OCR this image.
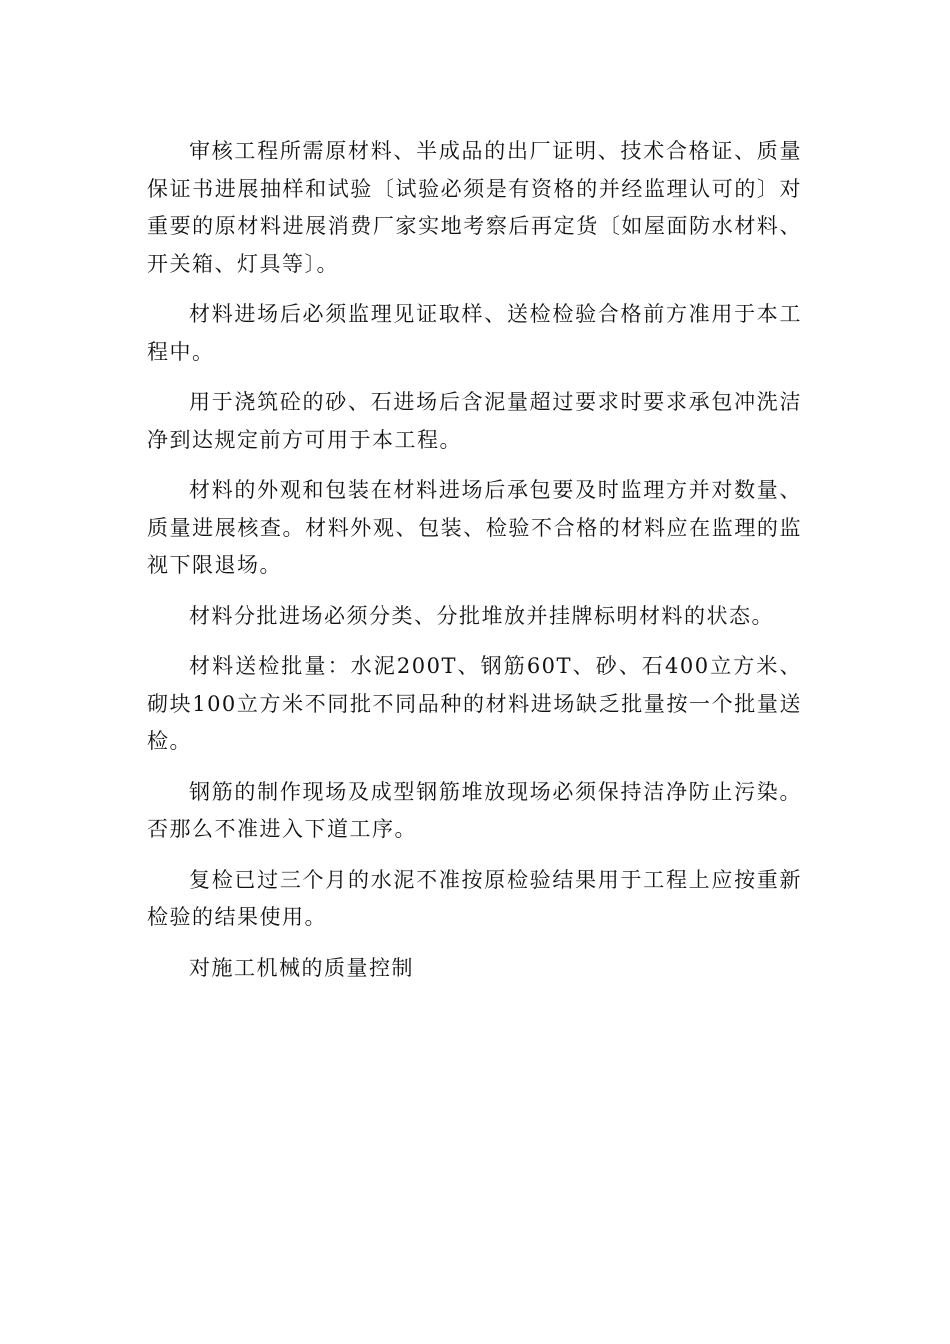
审核工程所需原材料、半成品的出厂证明、技术合格证、质量保证书进展抽样和试验〔试验必须是有资格的并经监理认可的〕对重要的原材料进展消费厂家实地考察后再定货〔如屋面防水材料、开关箱、灯具等〕。

材料进场后必须监理见证取样、送检检验合格前方准用于本工程中。

用于浇筑砼的砂、石进场后含泥量超过要求时要求承包冲洗洁净到达规定前方可用于本工程。

材料的外观和包装在材料进场后承包要及时监理方并对数量、质量进展核查。材料外观、包装、检验不合格的材料应在监理的监视下限退场。

材料分批进场必须分类、分批堆放并挂牌标明材料的状态。

材料送检批量：水泥200T、钢筋60T、砂、石400立方米、砌块100立方米不同批不同品种的材料进场缺乏批量按一个批量送检。

钢筋的制作现场及成型钢筋堆放现场必须保持洁净防止污染。否那么不准进入下道工序。

复检已过三个月的水泥不准按原检验结果用于工程上应按重新检验的结果使用。

对施工机械的质量控制
